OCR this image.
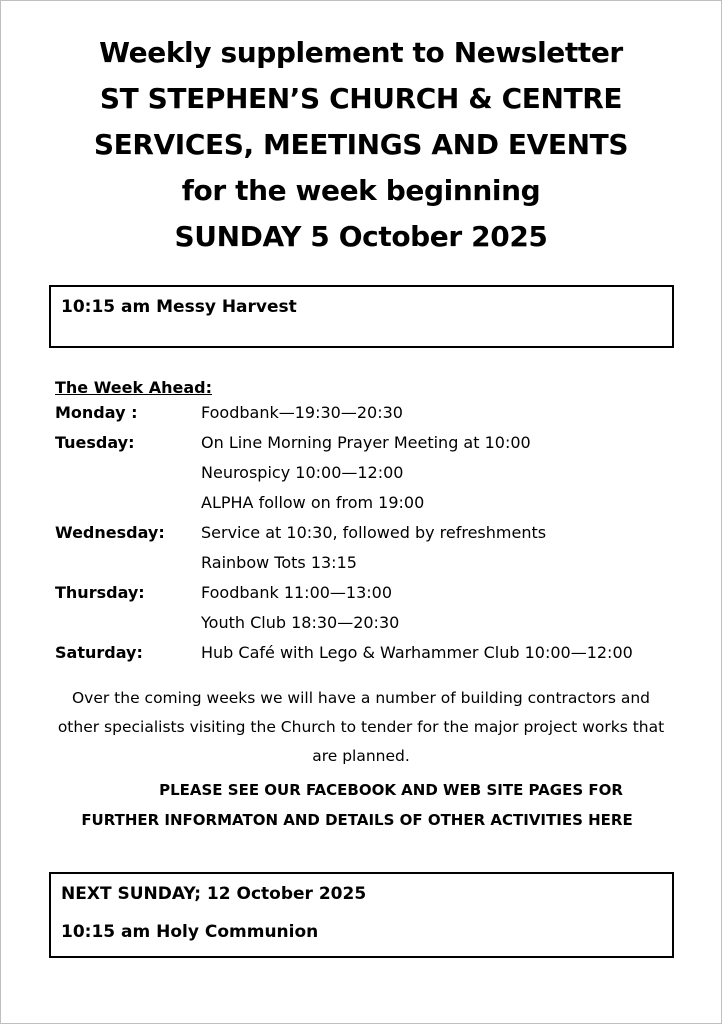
Weekly supplement to Newsletter
ST STEPHEN’S CHURCH & CENTRE
SERVICES, MEETINGS AND EVENTS
for the week beginning
SUNDAY 5 October 2025
10:15 am Messy Harvest
The Week Ahead:
Monday :	Foodbank—19:30—20:30
Tuesday:	On Line Morning Prayer Meeting at 10:00
Neurospicy 10:00—12:00
ALPHA follow on from 19:00
Wednesday: Service at 10:30, followed by refreshments
Rainbow Tots 13:15
Thursday:	Foodbank 11:00—13:00
Youth Club 18:30—20:30
Saturday:	Hub Café with Lego & Warhammer Club 10:00—12:00
Over the coming weeks we will have a number of building contractors and other specialists visiting the Church to tender for the major project works that are planned.
PLEASE SEE OUR FACEBOOK AND WEB SITE PAGES FOR
FURTHER INFORMATON AND DETAILS OF OTHER ACTIVITIES HERE
NEXT SUNDAY; 12 October 2025
10:15 am Holy Communion
